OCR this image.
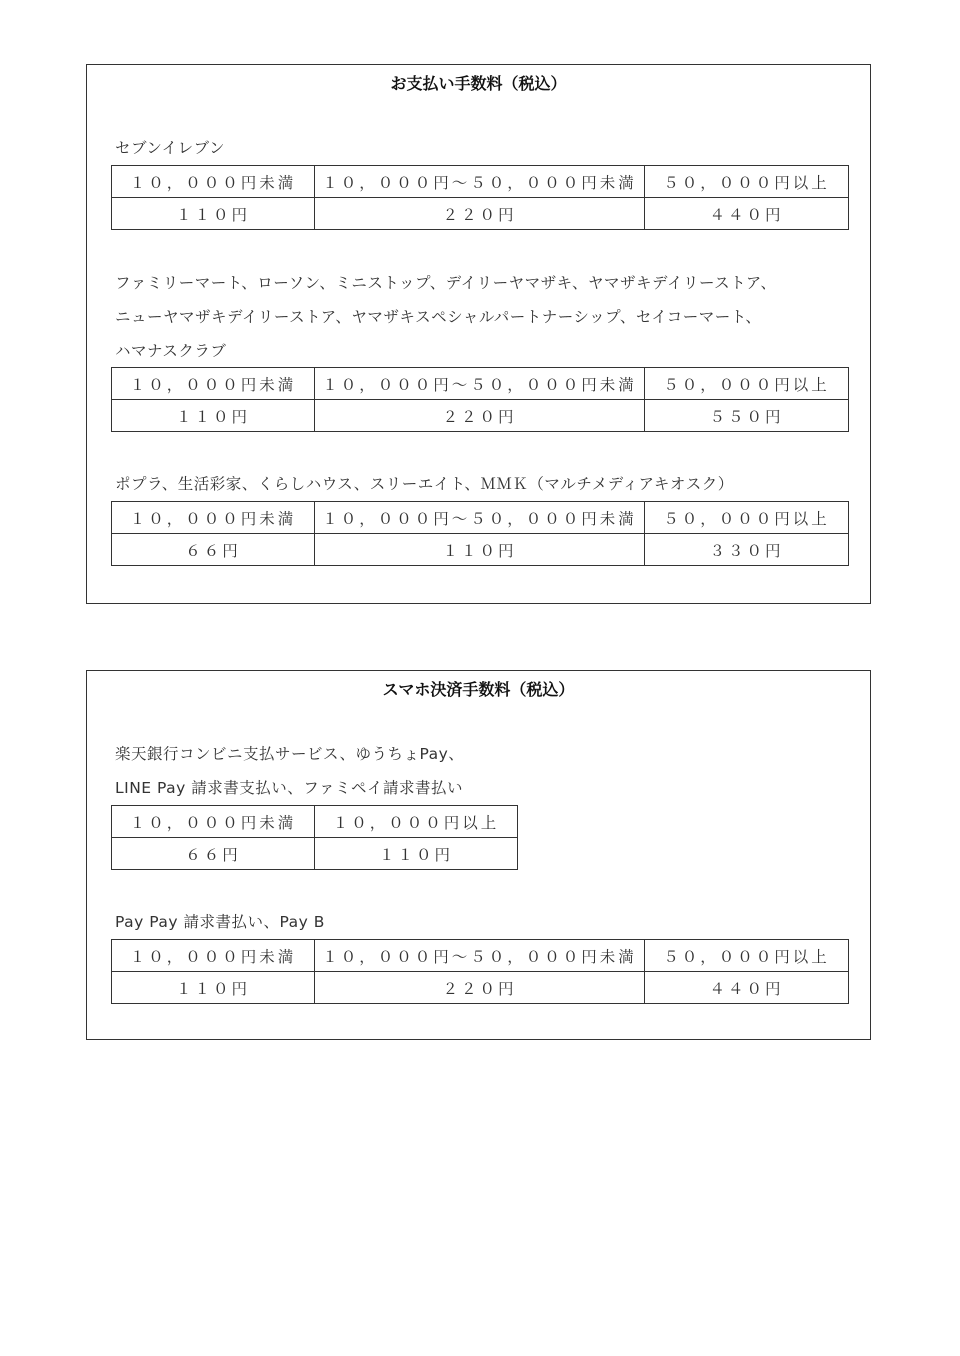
お支払い手数料（税込）
セブンイレブン
１０，０００円未満	１０，０００円～５０，０００円未満	５０，０００円以上
１１０円	２２０円	４４０円
ファミリーマート、ローソン、ミニストップ、デイリーヤマザキ、ヤマザキデイリーストア、
ニューヤマザキデイリーストア、ヤマザキスペシャルパートナーシップ、セイコーマート、
ハマナスクラブ
１０，０００円未満	１０，０００円～５０，０００円未満	５０，０００円以上
１１０円	２２０円	５５０円
ポプラ、生活彩家、くらしハウス、スリーエイト、ＭＭＫ（マルチメディアキオスク）
１０，０００円未満	１０，０００円～５０，０００円未満	５０，０００円以上
６６円	１１０円	３３０円
スマホ決済手数料（税込）
楽天銀行コンビニ支払サービス、ゆうちょPay、
LINE Pay 請求書支払い、ファミペイ請求書払い
１０，０００円未満	１０，０００円以上
６６円	１１０円
Pay Pay 請求書払い、Pay B
１０，０００円未満	１０，０００円～５０，０００円未満	５０，０００円以上
１１０円	２２０円	４４０円
